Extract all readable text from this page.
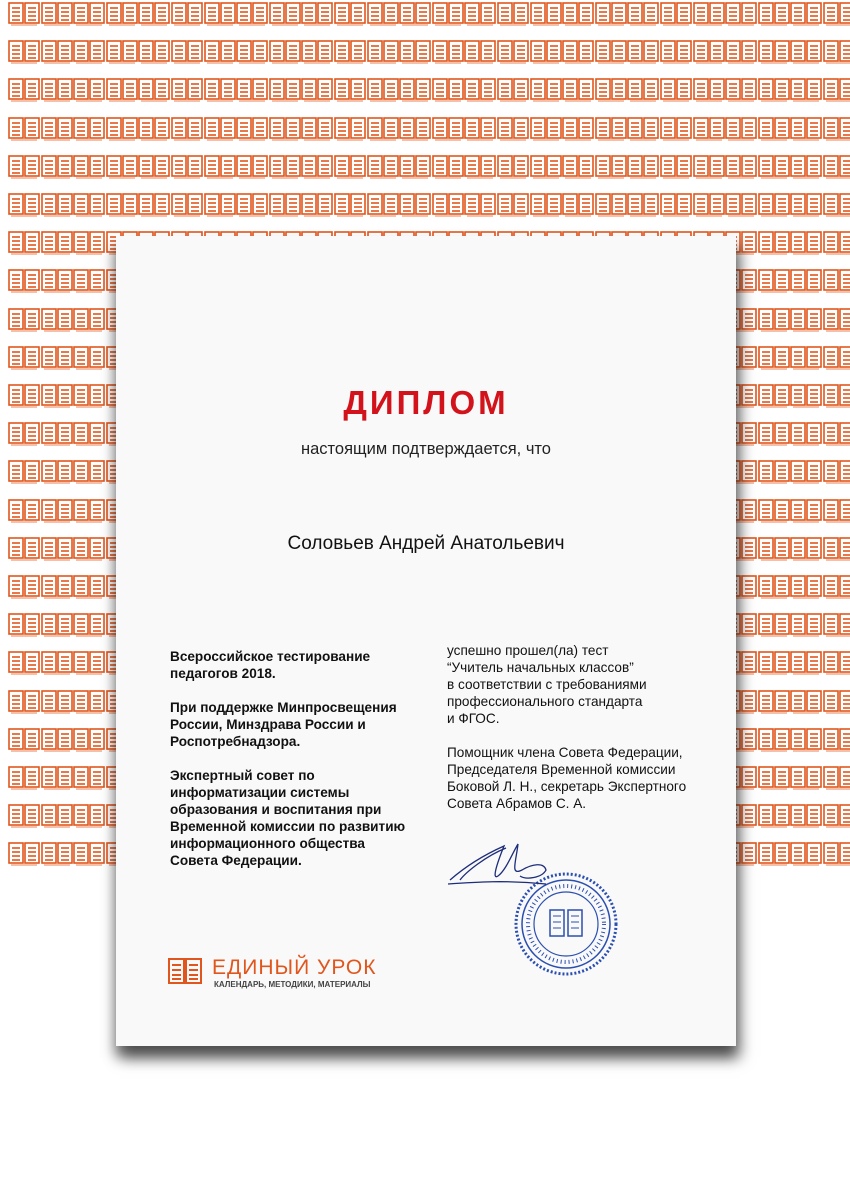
ДИПЛОМ
настоящим подтверждается, что
Соловьев Андрей Анатольевич

Всероссийское тестирование
педагогов 2018.

При поддержке Минпросвещения
России, Минздрава России и
Роспотребнадзора.

Экспертный совет по
информатизации системы
образования и воспитания при
Временной комиссии по развитию
информационного общества
Совета Федерации.

успешно прошел(ла) тест
“Учитель начальных классов”
в соответствии с требованиями
профессионального стандарта
и ФГОС.

Помощник члена Совета Федерации,
Председателя Временной комиссии
Боковой Л. Н., секретарь Экспертного
Совета Абрамов С. А.

ЕДИНЫЙ УРОК
КАЛЕНДАРЬ, МЕТОДИКИ, МАТЕРИАЛЫ
